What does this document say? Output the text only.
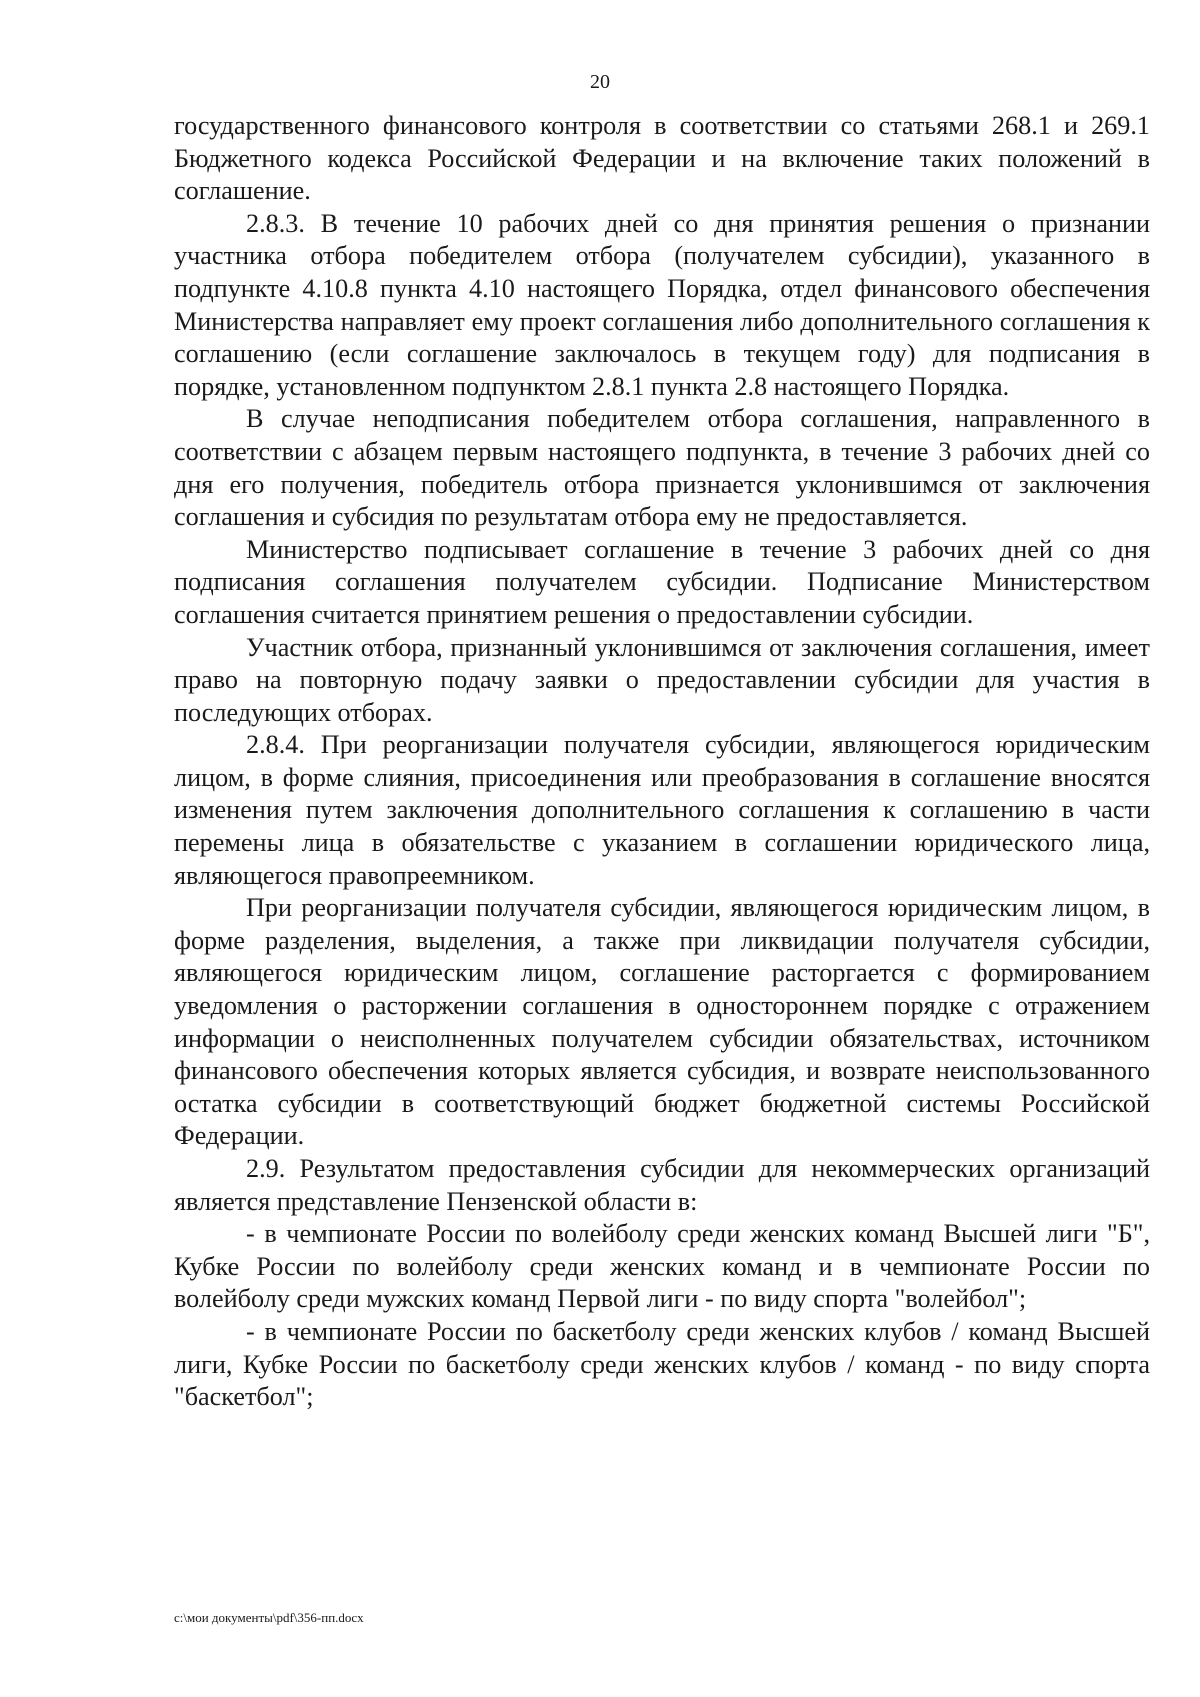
20

государственного финансового контроля в соответствии со статьями 268.1 и 269.1 Бюджетного кодекса Российской Федерации и на включение таких положений в соглашение.

2.8.3. В течение 10 рабочих дней со дня принятия решения о признании участника отбора победителем отбора (получателем субсидии), указанного в подпункте 4.10.8 пункта 4.10 настоящего Порядка, отдел финансового обеспечения Министерства направляет ему проект соглашения либо дополнительного соглашения к соглашению (если соглашение заключалось в текущем году) для подписания в порядке, установленном подпунктом 2.8.1 пункта 2.8 настоящего Порядка.

В случае неподписания победителем отбора соглашения, направленного в соответствии с абзацем первым настоящего подпункта, в течение 3 рабочих дней со дня его получения, победитель отбора признается уклонившимся от заключения соглашения и субсидия по результатам отбора ему не предоставляется.

Министерство подписывает соглашение в течение 3 рабочих дней со дня подписания соглашения получателем субсидии. Подписание Министерством соглашения считается принятием решения о предоставлении субсидии.

Участник отбора, признанный уклонившимся от заключения соглашения, имеет право на повторную подачу заявки о предоставлении субсидии для участия в последующих отборах.

2.8.4. При реорганизации получателя субсидии, являющегося юридическим лицом, в форме слияния, присоединения или преобразования в соглашение вносятся изменения путем заключения дополнительного соглашения к соглашению в части перемены лица в обязательстве с указанием в соглашении юридического лица, являющегося правопреемником.

При реорганизации получателя субсидии, являющегося юридическим лицом, в форме разделения, выделения, а также при ликвидации получателя субсидии, являющегося юридическим лицом, соглашение расторгается с формированием уведомления о расторжении соглашения в одностороннем порядке с отражением информации о неисполненных получателем субсидии обязательствах, источником финансового обеспечения которых является субсидия, и возврате неиспользованного остатка субсидии в соответствующий бюджет бюджетной системы Российской Федерации.

2.9. Результатом предоставления субсидии для некоммерческих организаций является представление Пензенской области в:

- в чемпионате России по волейболу среди женских команд Высшей лиги "Б", Кубке России по волейболу среди женских команд и в чемпионате России по волейболу среди мужских команд Первой лиги - по виду спорта "волейбол";

- в чемпионате России по баскетболу среди женских клубов / команд Высшей лиги, Кубке России по баскетболу среди женских клубов / команд - по виду спорта "баскетбол";

c:\мои документы\pdf\356-пп.docx
